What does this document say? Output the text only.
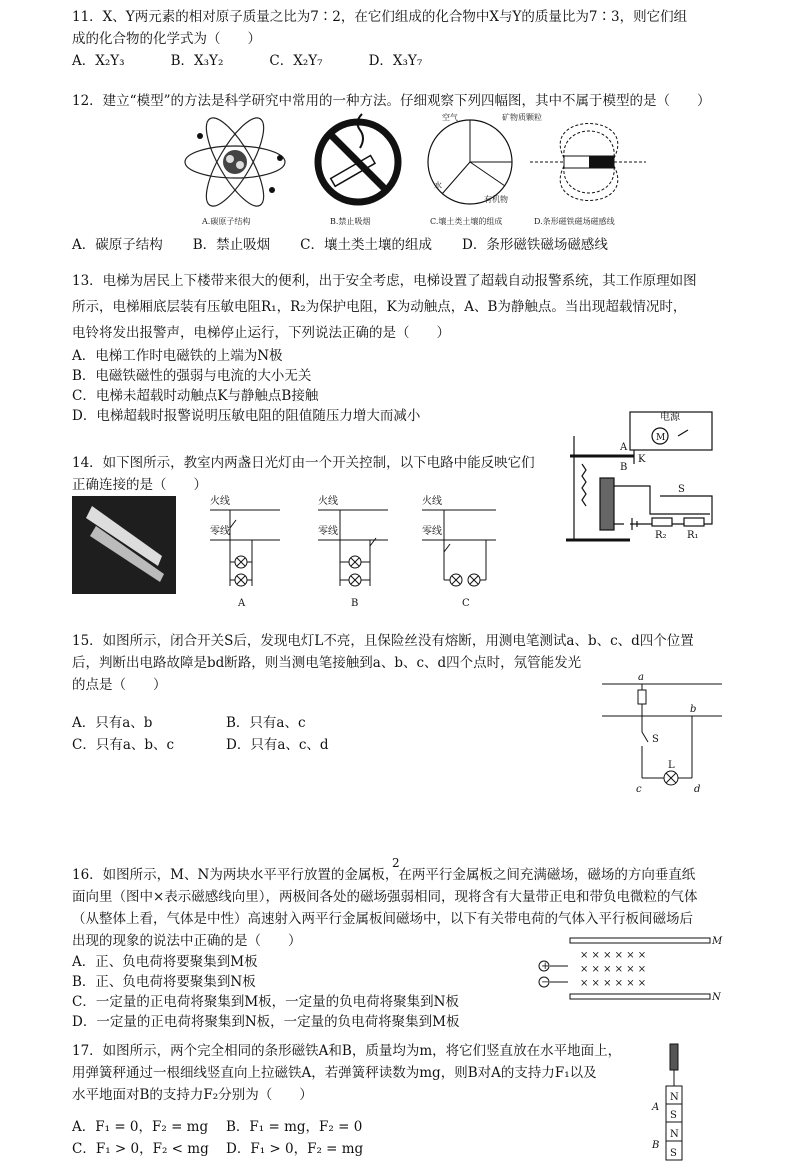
11．X、Y两元素的相对原子质量之比为7∶2，在它们组成的化合物中X与Y的质量比为7∶3，则它们组
成的化合物的化学式为（　　）
A．X₂Y₃	B．X₃Y₂	C．X₂Y₇	D．X₃Y₇
12．建立“模型”的方法是科学研究中常用的一种方法。仔细观察下列四幅图，其中不属于模型的是（　　）
A.碳原子结构	B.禁止吸烟
空气	矿物质颗粒
水
有机物
C.壤土类土壤的组成	D.条形磁铁磁场磁感线
A．碳原子结构 B．禁止吸烟 C．壤土类土壤的组成 D．条形磁铁磁场磁感线
13．电梯为居民上下楼带来很大的便利，出于安全考虑，电梯设置了超载自动报警系统，其工作原理如图
所示，电梯厢底层装有压敏电阻R₁，R₂为保护电阻，K为动触点，A、B为静触点。当出现超载情况时，
电铃将发出报警声，电梯停止运行，下列说法正确的是（　　）
A．电梯工作时电磁铁的上端为N极
B．电磁铁磁性的强弱与电流的大小无关
C．电梯未超载时动触点K与静触点B接触
D．电梯超载时报警说明压敏电阻的阻值随压力增大而减小	电源
M
A
K
B
S
R₂ R₁
14．如下图所示，教室内两盏日光灯由一个开关控制，以下电路中能反映它们
正确连接的是（　　）
火线
零线
火线
零线
火线
零线
A	B	C
15．如图所示，闭合开关S后，发现电灯L不亮，且保险丝没有熔断，用测电笔测试a、b、c、d四个位置
后，判断出电路故障是bd断路，则当测电笔接触到a、b、c、d四个点时，氖管能发光
的点是（　　）
A．只有a、b	B．只有a、c
C．只有a、b、c	D．只有a、c、d
a
b
S
L
c	d
2
16．如图所示，M、N为两块水平平行放置的金属板，在两平行金属板之间充满磁场，磁场的方向垂直纸
面向里（图中×表示磁感线向里），两极间各处的磁场强弱相同，现将含有大量带正电和带负电微粒的气体
（从整体上看，气体是中性）高速射入两平行金属板间磁场中，以下有关带电荷的气体入平行板间磁场后
出现的现象的说法中正确的是（　　）
A．正、负电荷将要聚集到M板
B．正、负电荷将要聚集到N板
C．一定量的正电荷将聚集到M板，一定量的负电荷将聚集到N板
D．一定量的正电荷将聚集到N板，一定量的负电荷将聚集到M板
× × × × × ×
× × × × × ×
× × × × × ×
+
−
M
N
17．如图所示，两个完全相同的条形磁铁A和B，质量均为m，将它们竖直放在水平地面上，
用弹簧秤通过一根细线竖直向上拉磁铁A，若弹簧秤读数为mg，则B对A的支持力F₁以及
水平地面对B的支持力F₂分别为（　　）
A．F₁ = 0，F₂ = mg	B．F₁ = mg，F₂ = 0
C．F₁ > 0，F₂ < mg	D．F₁ > 0，F₂ = mg
N
S
N
S
A
B
